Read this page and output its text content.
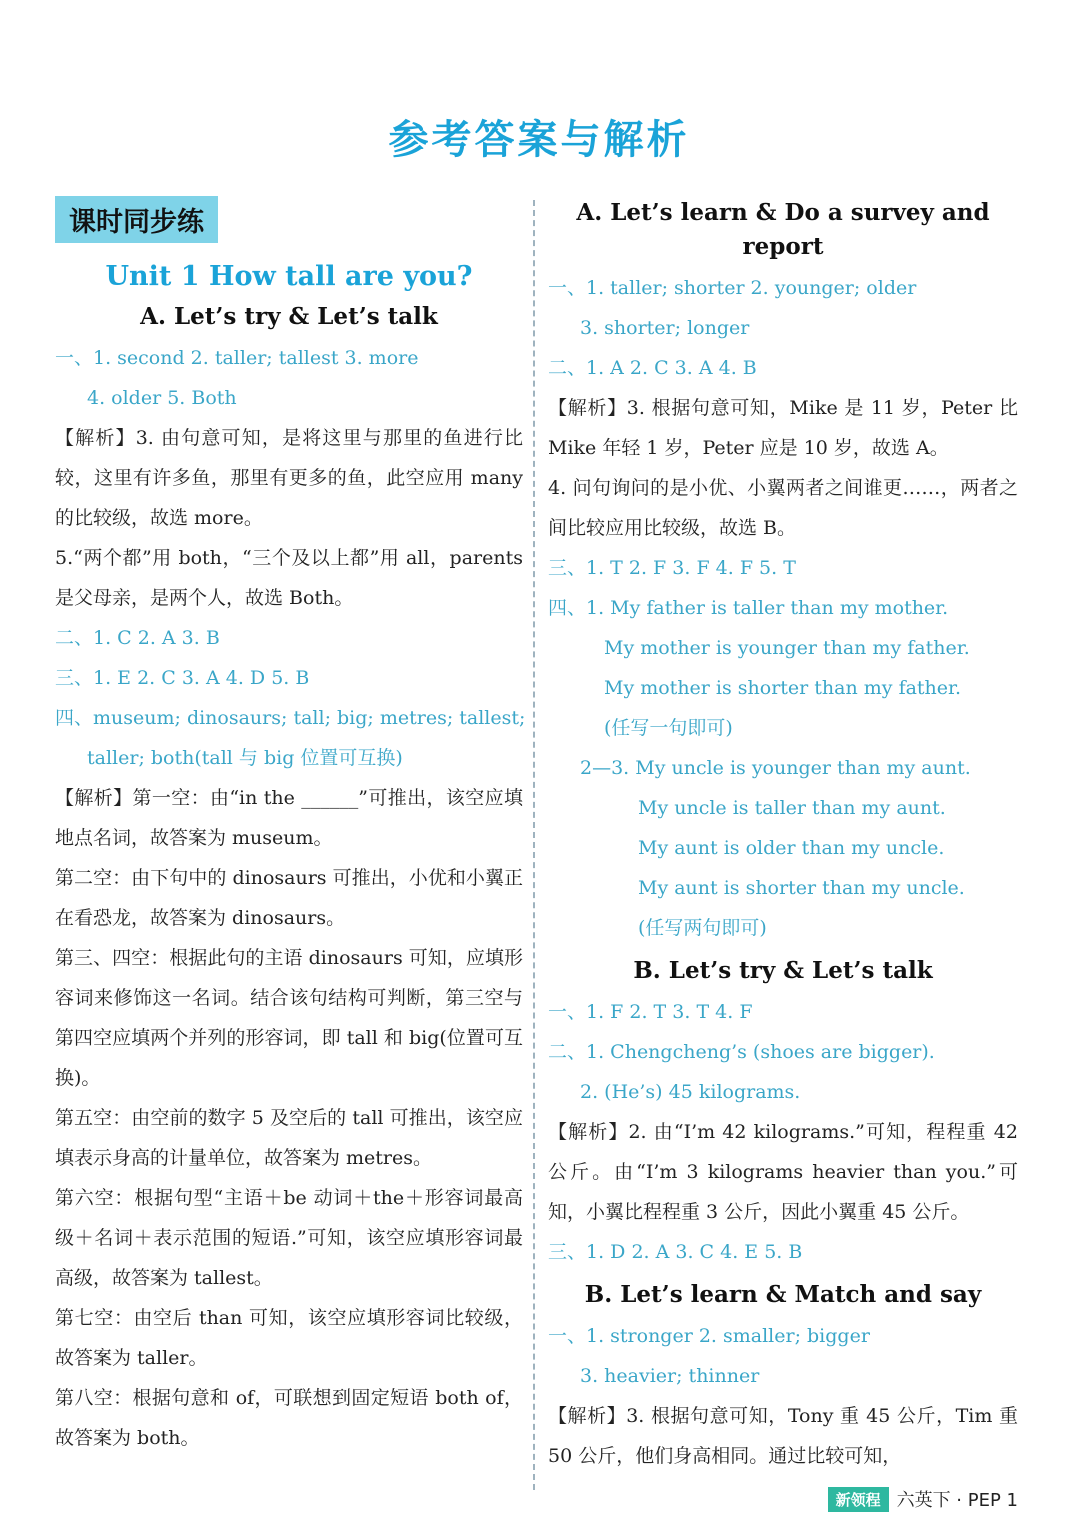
参考答案与解析
课时同步练
Unit 1 How tall are you?
A. Let’s try & Let’s talk
一、1. second 2. taller; tallest 3. more
4. older 5. Both
【解析】3. 由句意可知，是将这里与那里的鱼进行比较，这里有许多鱼，那里有更多的鱼，此空应用 many 的比较级，故选 more。
5.“两个都”用 both，“三个及以上都”用 all，parents 是父母亲，是两个人，故选 Both。
二、1. C 2. A 3. B
三、1. E 2. C 3. A 4. D 5. B
四、museum; dinosaurs; tall; big; metres; tallest;
taller; both(tall 与 big 位置可互换)
【解析】第一空：由“in the ______”可推出，该空应填地点名词，故答案为 museum。
第二空：由下句中的 dinosaurs 可推出，小优和小翼正在看恐龙，故答案为 dinosaurs。
第三、四空：根据此句的主语 dinosaurs 可知，应填形容词来修饰这一名词。结合该句结构可判断，第三空与第四空应填两个并列的形容词，即 tall 和 big(位置可互换)。
第五空：由空前的数字 5 及空后的 tall 可推出，该空应填表示身高的计量单位，故答案为 metres。
第六空：根据句型“主语＋be 动词＋the＋形容词最高级＋名词＋表示范围的短语.”可知，该空应填形容词最高级，故答案为 tallest。
第七空：由空后 than 可知，该空应填形容词比较级，故答案为 taller。
第八空：根据句意和 of，可联想到固定短语 both of，故答案为 both。
A. Let’s learn & Do a survey and report
一、1. taller; shorter 2. younger; older
3. shorter; longer
二、1. A 2. C 3. A 4. B
【解析】3. 根据句意可知，Mike 是 11 岁，Peter 比 Mike 年轻 1 岁，Peter 应是 10 岁，故选 A。
4. 问句询问的是小优、小翼两者之间谁更……，两者之间比较应用比较级，故选 B。
三、1. T 2. F 3. F 4. F 5. T
四、1. My father is taller than my mother.
My mother is younger than my father.
My mother is shorter than my father.
(任写一句即可)
2—3. My uncle is younger than my aunt.
My uncle is taller than my aunt.
My aunt is older than my uncle.
My aunt is shorter than my uncle.
(任写两句即可)
B. Let’s try & Let’s talk
一、1. F 2. T 3. T 4. F
二、1. Chengcheng’s (shoes are bigger).
2. (He’s) 45 kilograms.
【解析】2. 由“I’m 42 kilograms.”可知，程程重 42 公斤。由“I’m 3 kilograms heavier than you.”可知，小翼比程程重 3 公斤，因此小翼重 45 公斤。
三、1. D 2. A 3. C 4. E 5. B
B. Let’s learn & Match and say
一、1. stronger 2. smaller; bigger
3. heavier; thinner
【解析】3. 根据句意可知，Tony 重 45 公斤，Tim 重 50 公斤，他们身高相同。通过比较可知，
新领程 六英下 · PEP 1
